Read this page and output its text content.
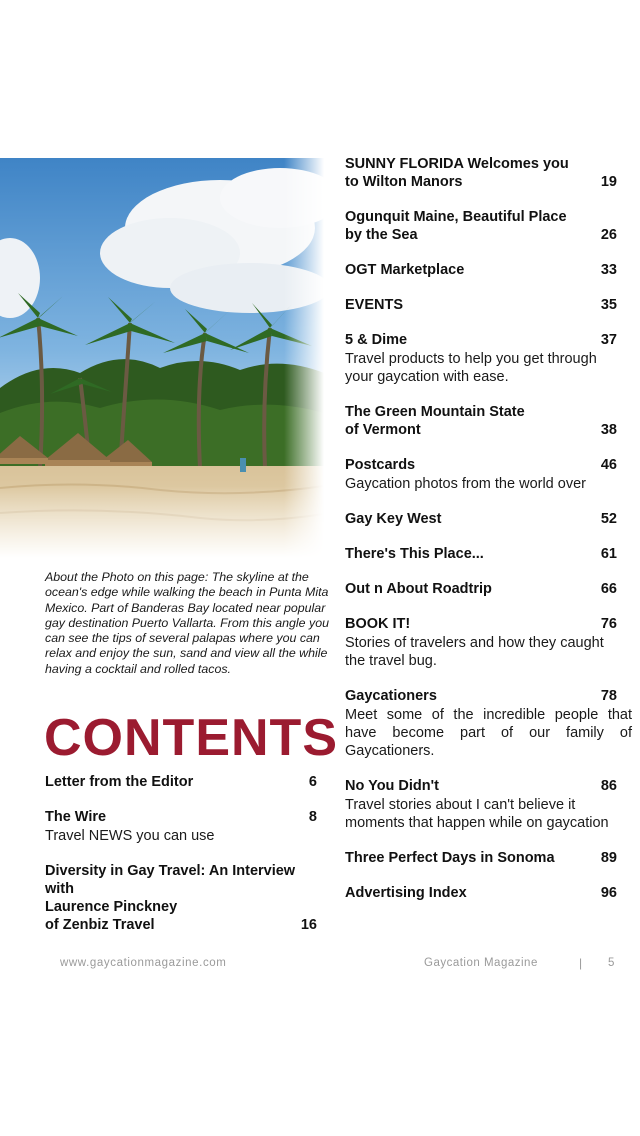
About the Photo on this page: The skyline at the ocean's edge while walking the beach in Punta Mita Mexico. Part of Banderas Bay located near popular gay destination Puerto Vallarta. From this angle you can see the tips of several palapas where you can relax and enjoy the sun, sand and view all the while having a cocktail and rolled tacos.
CONTENTS
Letter from the Editor	6
The Wire	8
Travel NEWS you can use
Diversity in Gay Travel: An Interview with
Laurence Pinckney
of Zenbiz Travel	16
SUNNY FLORIDA Welcomes you
to Wilton Manors	19
Ogunquit Maine, Beautiful Place
by the Sea	26
OGT Marketplace	33
EVENTS	35
5 & Dime	37
Travel products to help you get through your gaycation with ease.
The Green Mountain State
of Vermont	38
Postcards	46
Gaycation photos from the world over
Gay Key West	52
There's This Place...	61
Out n About Roadtrip	66
BOOK IT!	76
Stories of travelers and how they caught the travel bug.
Gaycationers	78
Meet some of the incredible people that have become part of our family of Gaycationers.
No You Didn't	86
Travel stories about I can't believe it moments that happen while on gaycation
Three Perfect Days in Sonoma	89
Advertising Index	96
www.gaycationmagazine.com	Gaycation Magazine	| 5
